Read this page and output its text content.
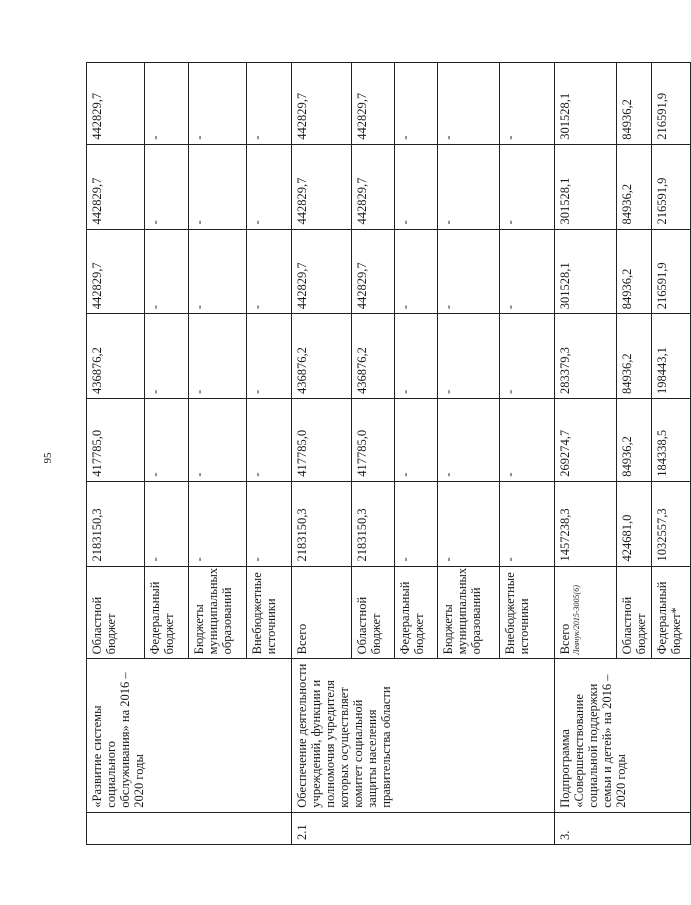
95
	«Развитие системы социального обслуживания» на 2016 – 2020 годы	Областной бюджет	2183150,3	417785,0	436876,2	442829,7	442829,7	442829,7
		Федеральный бюджет	-	-	-	-	-	-
		Бюджеты муниципальных образований	-	-	-	-	-	-
		Внебюджетные источники	-	-	-	-	-	-
2.1	Обеспечение деятельности учреждений, функции и полномочия учредителя которых осуществляет комитет социальной защиты населения правительства области	Всего	2183150,3	417785,0	436876,2	442829,7	442829,7	442829,7
		Областной бюджет	2183150,3	417785,0	436876,2	442829,7	442829,7	442829,7
		Федеральный бюджет	-	-	-	-	-	-
		Бюджеты муниципальных образований	-	-	-	-	-	-
		Внебюджетные источники	-	-	-	-	-	-
3.	Подпрограмма «Совершенствование социальной поддержки семьи и детей» на 2016 – 2020 годы	Всего	1457238,3	269274,7	283379,3	301528,1	301528,1	301528,1
		Областной бюджет	424681,0	84936,2	84936,2	84936,2	84936,2	84936,2
		Федеральный бюджет*	1032557,3	184338,5	198443,1	216591,9	216591,9	216591,9
Левчук/2015-3005(6)
